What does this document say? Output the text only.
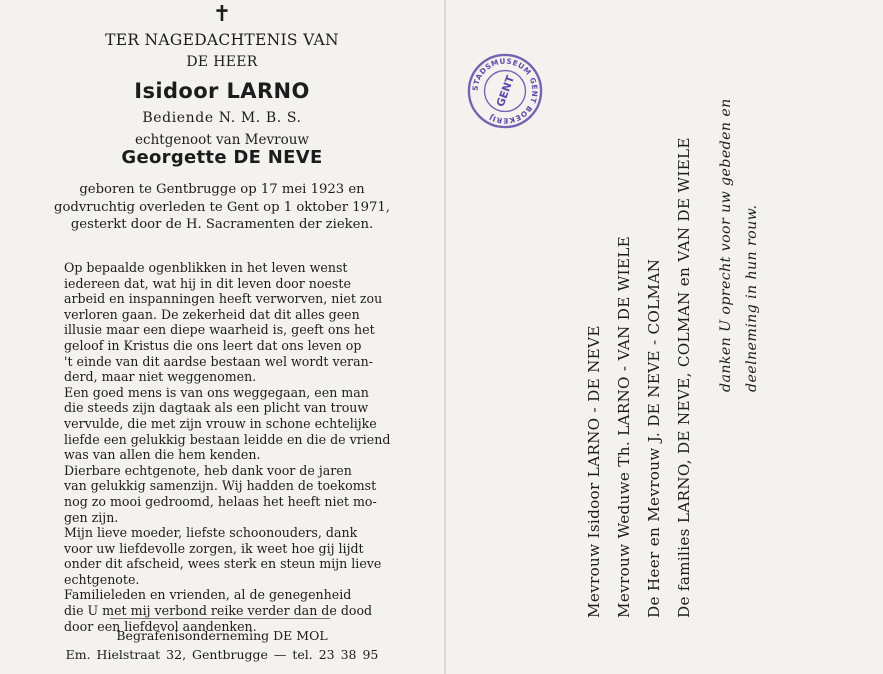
✝
TER NAGEDACHTENIS VAN
DE HEER
Isidoor LARNO
Bediende N. M. B. S.
echtgenoot van Mevrouw
Georgette DE NEVE
geboren te Gentbrugge op 17 mei 1923 en
godvruchtig overleden te Gent op 1 oktober 1971,
gesterkt door de H. Sacramenten der zieken.
Op bepaalde ogenblikken in het leven wenst
iedereen dat, wat hij in dit leven door noeste
arbeid en inspanningen heeft verworven, niet zou
verloren gaan. De zekerheid dat dit alles geen
illusie maar een diepe waarheid is, geeft ons het
geloof in Kristus die ons leert dat ons leven op
't einde van dit aardse bestaan wel wordt veran-
derd, maar niet weggenomen.
Een goed mens is van ons weggegaan, een man
die steeds zijn dagtaak als een plicht van trouw
vervulde, die met zijn vrouw in schone echtelijke
liefde een gelukkig bestaan leidde en die de vriend
was van allen die hem kenden.
Dierbare echtgenote, heb dank voor de jaren
van gelukkig samenzijn. Wij hadden de toekomst
nog zo mooi gedroomd, helaas het heeft niet mo-
gen zijn.
Mijn lieve moeder, liefste schoonouders, dank
voor uw liefdevolle zorgen, ik weet hoe gij lijdt
onder dit afscheid, wees sterk en steun mijn lieve
echtgenote.
Familieleden en vrienden, al de genegenheid
die U met mij verbond reike verder dan de dood
door een liefdevol aandenken.
Begrafenisonderneming DE MOL
Em. Hielstraat 32, Gentbrugge — tel. 23 38 95
STADSMUSEUM GENT BOEKERIJ
GENT
Mevrouw Isidoor LARNO - DE NEVE Mevrouw Weduwe Th. LARNO - VAN DE WIELE De Heer en Mevrouw J. DE NEVE - COLMAN De families LARNO, DE NEVE, COLMAN en VAN DE WIELE danken U oprecht voor uw gebeden en deelneming in hun rouw.
